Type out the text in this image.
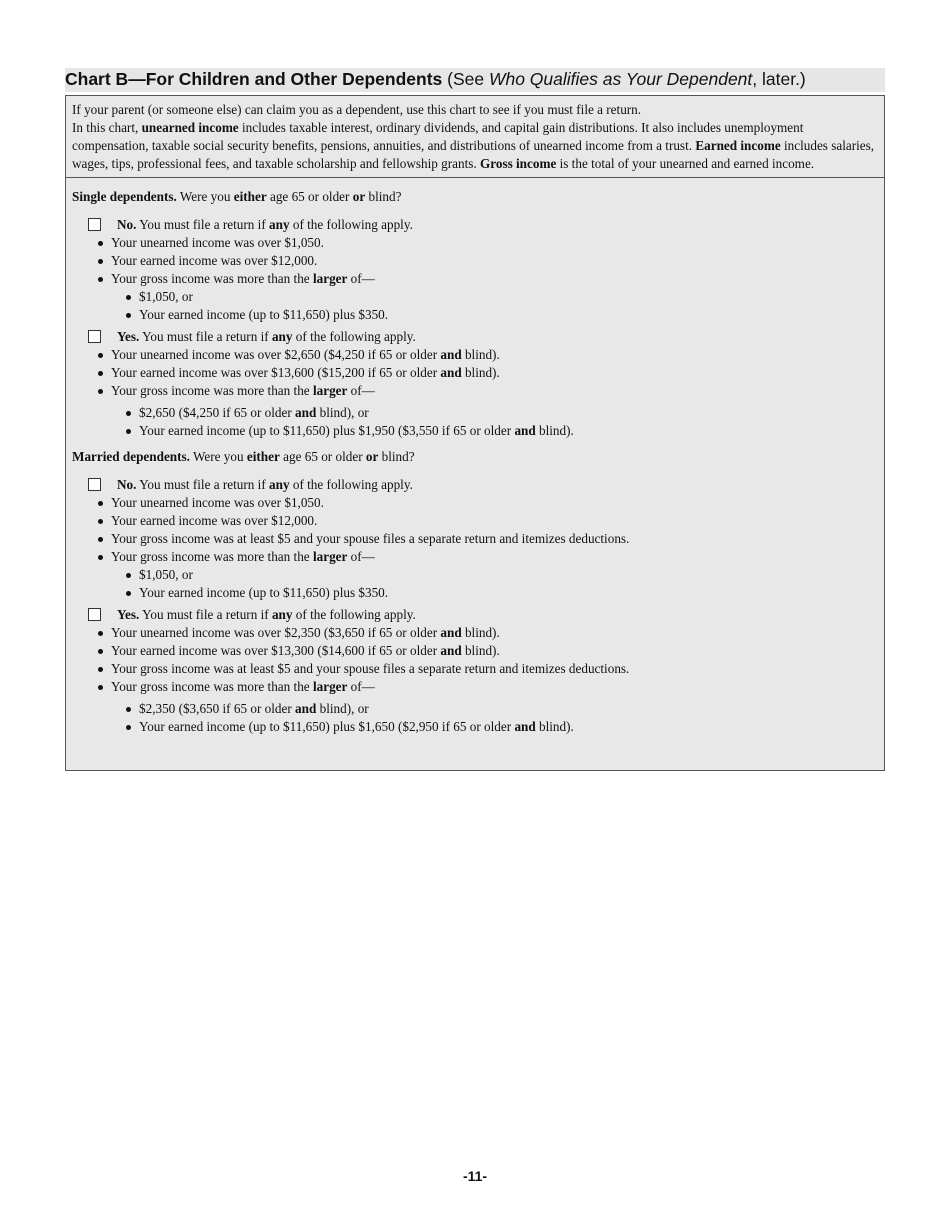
Chart B—For Children and Other Dependents (See Who Qualifies as Your Dependent, later.)

If your parent (or someone else) can claim you as a dependent, use this chart to see if you must file a return.

In this chart, unearned income includes taxable interest, ordinary dividends, and capital gain distributions. It also includes unemployment compensation, taxable social security benefits, pensions, annuities, and distributions of unearned income from a trust. Earned income includes salaries, wages, tips, professional fees, and taxable scholarship and fellowship grants. Gross income is the total of your unearned and earned income.

Single dependents. Were you either age 65 or older or blind?

No. You must file a return if any of the following apply.
Your unearned income was over $1,050.
Your earned income was over $12,000.
Your gross income was more than the larger of—
$1,050, or
Your earned income (up to $11,650) plus $350.
Yes. You must file a return if any of the following apply.
Your unearned income was over $2,650 ($4,250 if 65 or older and blind).
Your earned income was over $13,600 ($15,200 if 65 or older and blind).
Your gross income was more than the larger of—
$2,650 ($4,250 if 65 or older and blind), or
Your earned income (up to $11,650) plus $1,950 ($3,550 if 65 or older and blind).

Married dependents. Were you either age 65 or older or blind?

No. You must file a return if any of the following apply.
Your unearned income was over $1,050.
Your earned income was over $12,000.
Your gross income was at least $5 and your spouse files a separate return and itemizes deductions.
Your gross income was more than the larger of—
$1,050, or
Your earned income (up to $11,650) plus $350.
Yes. You must file a return if any of the following apply.
Your unearned income was over $2,350 ($3,650 if 65 or older and blind).
Your earned income was over $13,300 ($14,600 if 65 or older and blind).
Your gross income was at least $5 and your spouse files a separate return and itemizes deductions.
Your gross income was more than the larger of—
$2,350 ($3,650 if 65 or older and blind), or
Your earned income (up to $11,650) plus $1,650 ($2,950 if 65 or older and blind).
-11-
